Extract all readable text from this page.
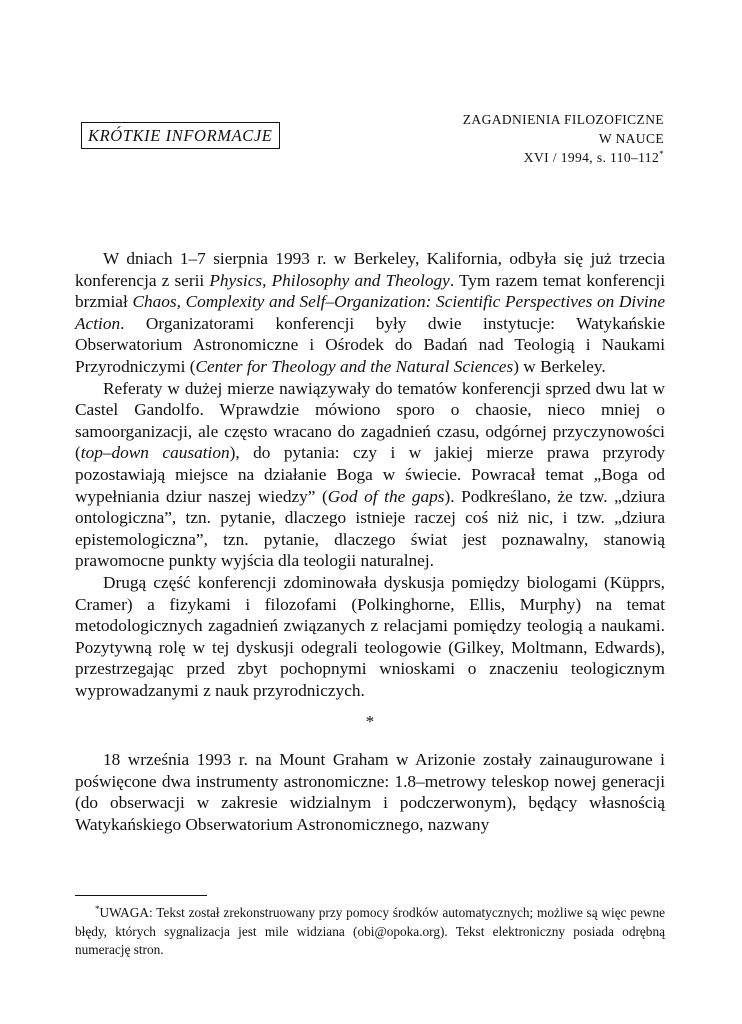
KRÓTKIE INFORMACJE
ZAGADNIENIA FILOZOFICZNE
W NAUCE
XVI / 1994, s. 110–112*

W dniach 1–7 sierpnia 1993 r. w Berkeley, Kalifornia, odbyła się już trzecia konferencja z serii Physics, Philosophy and Theology. Tym razem temat konferencji brzmiał Chaos, Complexity and Self–Organization: Scientific Perspectives on Divine Action. Organizatorami konferencji były dwie instytucje: Watykańskie Obserwatorium Astronomiczne i Ośrodek do Badań nad Teologią i Naukami Przyrodniczymi (Center for Theology and the Natural Sciences) w Berkeley.

Referaty w dużej mierze nawiązywały do tematów konferencji sprzed dwu lat w Castel Gandolfo. Wprawdzie mówiono sporo o chaosie, nieco mniej o samoorganizacji, ale często wracano do zagadnień czasu, odgórnej przyczynowości (top–down causation), do pytania: czy i w jakiej mierze prawa przyrody pozostawiają miejsce na działanie Boga w świecie. Powracał temat „Boga od wypełniania dziur naszej wiedzy” (God of the gaps). Podkreślano, że tzw. „dziura ontologiczna”, tzn. pytanie, dlaczego istnieje raczej coś niż nic, i tzw. „dziura epistemologiczna”, tzn. pytanie, dlaczego świat jest poznawalny, stanowią prawomocne punkty wyjścia dla teologii naturalnej.

Drugą część konferencji zdominowała dyskusja pomiędzy biologami (Küpprs, Cramer) a fizykami i filozofami (Polkinghorne, Ellis, Murphy) na temat metodologicznych zagadnień związanych z relacjami pomiędzy teologią a naukami. Pozytywną rolę w tej dyskusji odegrali teologowie (Gilkey, Moltmann, Edwards), przestrzegając przed zbyt pochopnymi wnioskami o znaczeniu teologicznym wyprowadzanymi z nauk przyrodniczych.

*

18 września 1993 r. na Mount Graham w Arizonie zostały zainaugurowane i poświęcone dwa instrumenty astronomiczne: 1.8–metrowy teleskop nowej generacji (do obserwacji w zakresie widzialnym i podczerwonym), będący własnością Watykańskiego Obserwatorium Astronomicznego, nazwany

*UWAGA: Tekst został zrekonstruowany przy pomocy środków automatycznych; możliwe są więc pewne błędy, których sygnalizacja jest mile widziana (obi@opoka.org). Tekst elektroniczny posiada odrębną numerację stron.
